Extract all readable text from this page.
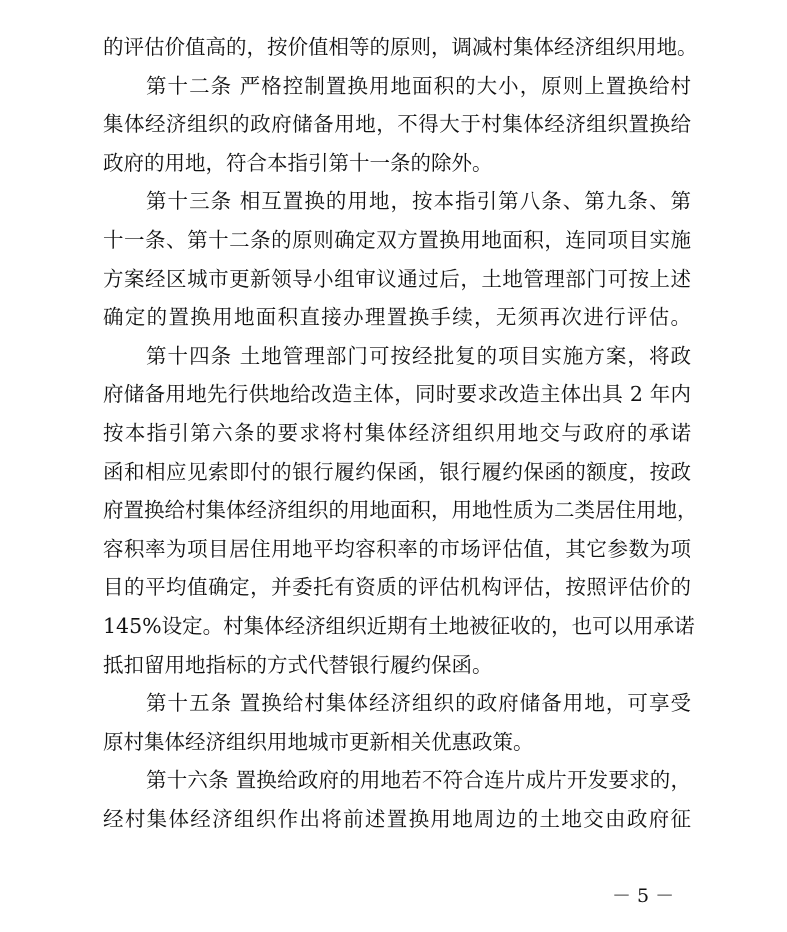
的评估价值高的，按价值相等的原则，调减村集体经济组织用地。
第十二条 严格控制置换用地面积的大小，原则上置换给村
集体经济组织的政府储备用地，不得大于村集体经济组织置换给
政府的用地，符合本指引第十一条的除外。
第十三条 相互置换的用地，按本指引第八条、第九条、第
十一条、第十二条的原则确定双方置换用地面积，连同项目实施
方案经区城市更新领导小组审议通过后，土地管理部门可按上述
确定的置换用地面积直接办理置换手续，无须再次进行评估。
第十四条 土地管理部门可按经批复的项目实施方案，将政
府储备用地先行供地给改造主体，同时要求改造主体出具 2 年内
按本指引第六条的要求将村集体经济组织用地交与政府的承诺
函和相应见索即付的银行履约保函，银行履约保函的额度，按政
府置换给村集体经济组织的用地面积，用地性质为二类居住用地，
容积率为项目居住用地平均容积率的市场评估值，其它参数为项
目的平均值确定，并委托有资质的评估机构评估，按照评估价的
145%设定。村集体经济组织近期有土地被征收的，也可以用承诺
抵扣留用地指标的方式代替银行履约保函。
第十五条 置换给村集体经济组织的政府储备用地，可享受
原村集体经济组织用地城市更新相关优惠政策。
第十六条 置换给政府的用地若不符合连片成片开发要求的，
经村集体经济组织作出将前述置换用地周边的土地交由政府征
－ 5 －
